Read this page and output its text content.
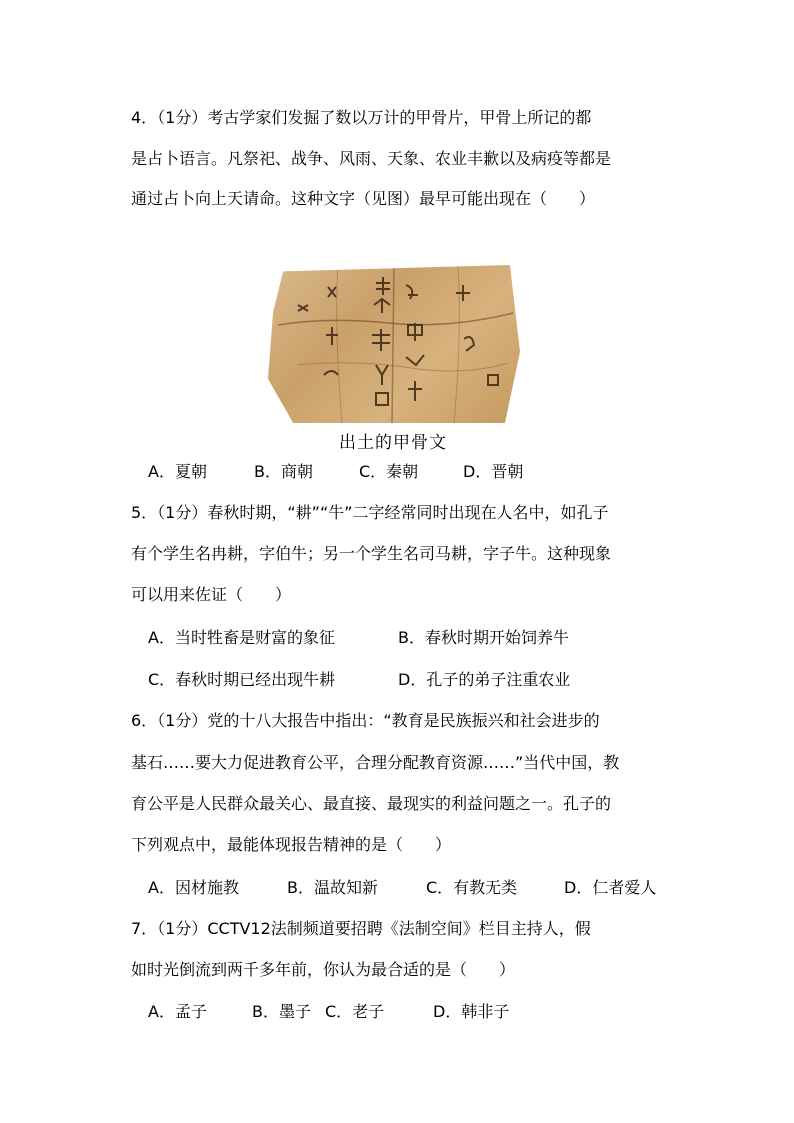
4．（1分）考古学家们发掘了数以万计的甲骨片，甲骨上所记的都
是占卜语言。凡祭祀、战争、风雨、天象、农业丰歉以及病疫等都是
通过占卜向上天请命。这种文字（见图）最早可能出现在（　　）
出土的甲骨文
A．夏朝	B．商朝	C．秦朝	D．晋朝
5．（1分）春秋时期，“耕”“牛”二字经常同时出现在人名中，如孔子
有个学生名冉耕，字伯牛；另一个学生名司马耕，字子牛。这种现象
可以用来佐证（　　）
A．当时牲畜是财富的象征	B．春秋时期开始饲养牛
C．春秋时期已经出现牛耕	D．孔子的弟子注重农业
6．（1分）党的十八大报告中指出：“教育是民族振兴和社会进步的
基石……要大力促进教育公平，合理分配教育资源……”当代中国，教
育公平是人民群众最关心、最直接、最现实的利益问题之一。孔子的
下列观点中，最能体现报告精神的是（　　）
A．因材施教	B．温故知新	C．有教无类	D．仁者爱人
7．（1分）CCTV12法制频道要招聘《法制空间》栏目主持人，假
如时光倒流到两千多年前，你认为最合适的是（　　）
A．孟子	B．墨子 C．老子	D．韩非子
